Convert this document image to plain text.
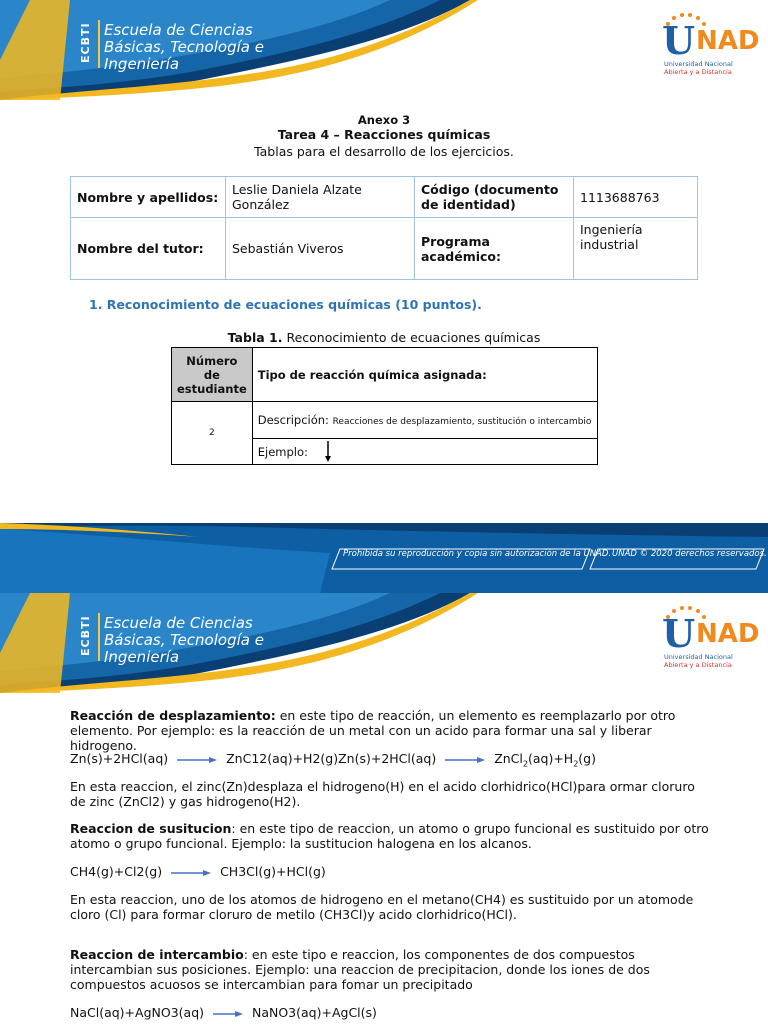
ECBTI Escuela de Ciencias
Básicas, Tecnología e
Ingeniería
U NAD
Universidad Nacional
Abierta y a Distancia
Anexo 3
Tarea 4 – Reacciones químicas
Tablas para el desarrollo de los ejercicios.
Nombre y apellidos:	Leslie Daniela Alzate González	Código (documento de identidad)	1113688763
Nombre del tutor:	Sebastián Viveros	Programa académico:	Ingeniería industrial
1. Reconocimiento de ecuaciones químicas (10 puntos).
Tabla 1. Reconocimiento de ecuaciones químicas
Número de estudiante	Tipo de reacción química asignada:
2	Descripción: Reacciones de desplazamiento, sustitución o intercambio
	Ejemplo:
Prohibida su reproducción y copia sin autorización de la UNAD. UNAD © 2020 derechos reservados.
ECBTI Escuela de Ciencias
Básicas, Tecnología e
Ingeniería
U NAD
Universidad Nacional
Abierta y a Distancia
Reacción de desplazamiento: en este tipo de reacción, un elemento es reemplazarlo por otro elemento. Por ejemplo: es la reacción de un metal con un acido para formar una sal y liberar hidrogeno.
$Zn(s)+2HCl(aq) \to ZnC12(aq)+H2(g)Zn(s)+2HCl(aq) \to ZnCl_2(aq)+H_2(g)$
En esta reaccion, el zinc(Zn)desplaza el hidrogeno(H) en el acido clorhidrico(HCl)para ormar cloruro de zinc (ZnCl2) y gas hidrogeno(H2).
Reaccion de susitucion: en este tipo de reaccion, un atomo o grupo funcional es sustituido por otro atomo o grupo funcional. Ejemplo: la sustitucion halogena en los alcanos.
CH4(g)+Cl2(g) → CH3Cl(g)+HCl(g)
En esta reaccion, uno de los atomos de hidrogeno en el metano(CH4) es sustituido por un atomode cloro (Cl) para formar cloruro de metilo (CH3Cl)y acido clorhidrico(HCl).
Reaccion de intercambio: en este tipo e reaccion, los componentes de dos compuestos intercambian sus posiciones. Ejemplo: una reaccion de precipitacion, donde los iones de dos compuestos acuosos se intercambian para fomar un precipitado
NaCl(aq)+AgNO3(aq) → NaNO3(aq)+AgCl(s)
